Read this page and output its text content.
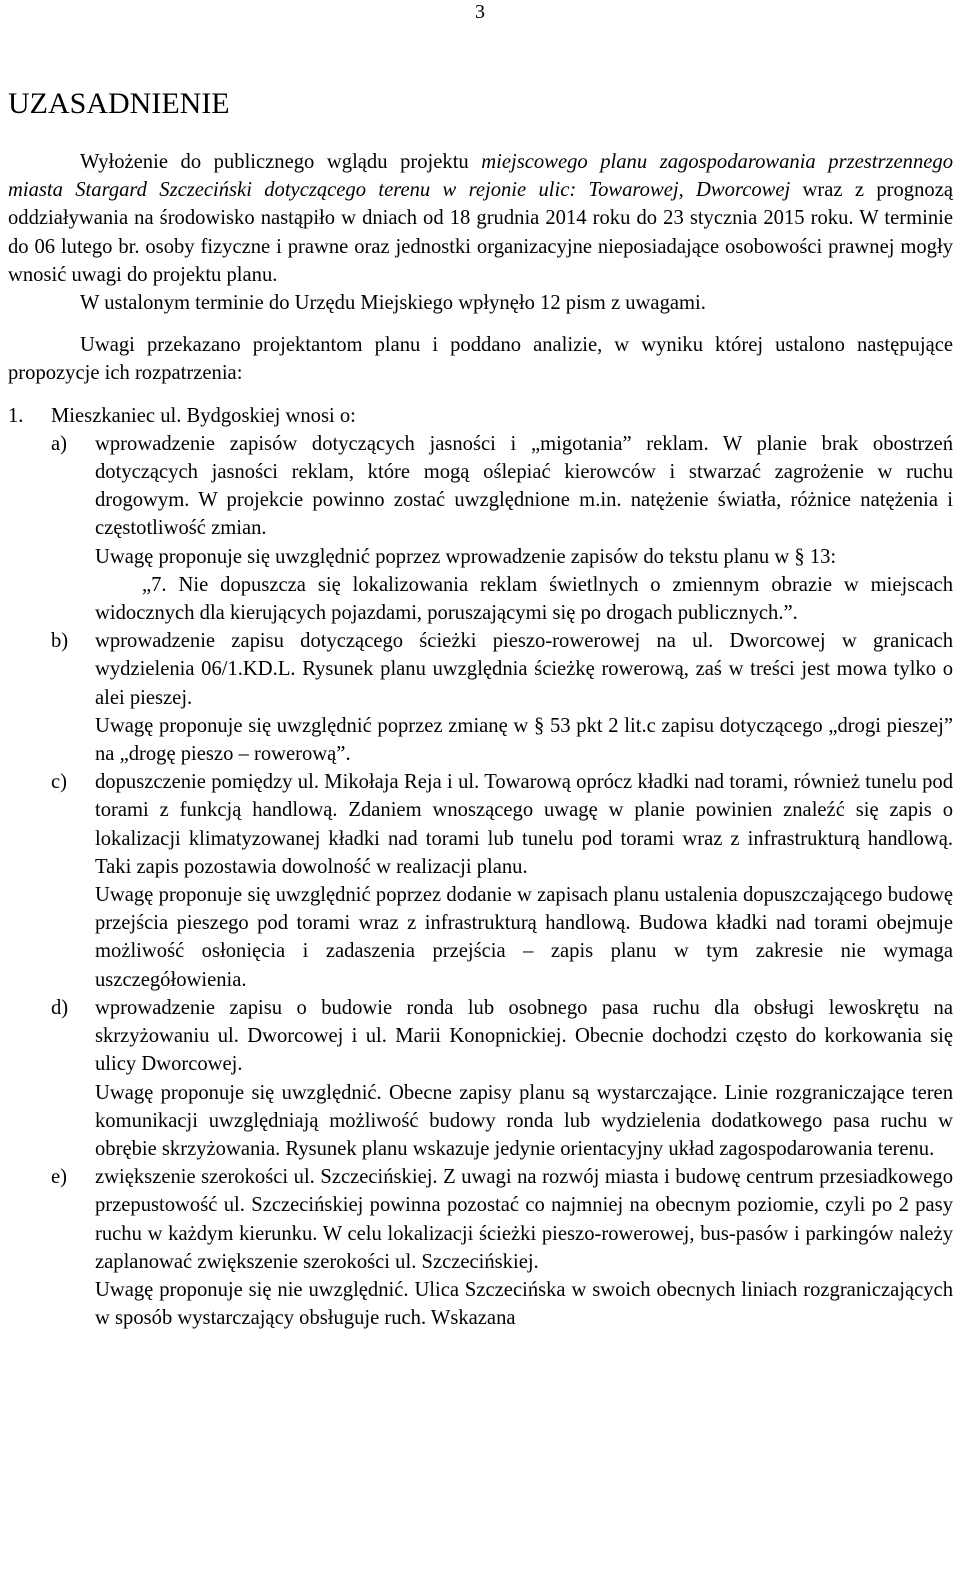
3
UZASADNIENIE

Wyłożenie do publicznego wglądu projektu miejscowego planu zagospodarowania przestrzennego miasta Stargard Szczeciński dotyczącego terenu w rejonie ulic: Towarowej, Dworcowej wraz z prognozą oddziaływania na środowisko nastąpiło w dniach od 18 grudnia 2014 roku do 23 stycznia 2015 roku. W terminie do 06 lutego br. osoby fizyczne i prawne oraz jednostki organizacyjne nieposiadające osobowości prawnej mogły wnosić uwagi do projektu planu.

W ustalonym terminie do Urzędu Miejskiego wpłynęło 12 pism z uwagami.

Uwagi przekazano projektantom planu i poddano analizie, w wyniku której ustalono następujące propozycje ich rozpatrzenia:

1. Mieszkaniec ul. Bydgoskiej wnosi o:
a) wprowadzenie zapisów dotyczących jasności i „migotania” reklam. W planie brak obostrzeń dotyczących jasności reklam, które mogą oślepiać kierowców i stwarzać zagrożenie w ruchu drogowym. W projekcie powinno zostać uwzględnione m.in. natężenie światła, różnice natężenia i częstotliwość zmian.

Uwagę proponuje się uwzględnić poprzez wprowadzenie zapisów do tekstu planu w § 13:

„7. Nie dopuszcza się lokalizowania reklam świetlnych o zmiennym obrazie w miejscach widocznych dla kierujących pojazdami, poruszającymi się po drogach publicznych.”.

b) wprowadzenie zapisu dotyczącego ścieżki pieszo-rowerowej na ul. Dworcowej w granicach wydzielenia 06/1.KD.L. Rysunek planu uwzględnia ścieżkę rowerową, zaś w treści jest mowa tylko o alei pieszej.

Uwagę proponuje się uwzględnić poprzez zmianę w § 53 pkt 2 lit.c zapisu dotyczącego „drogi pieszej” na „drogę pieszo – rowerową”.

c) dopuszczenie pomiędzy ul. Mikołaja Reja i ul. Towarową oprócz kładki nad torami, również tunelu pod torami z funkcją handlową. Zdaniem wnoszącego uwagę w planie powinien znaleźć się zapis o lokalizacji klimatyzowanej kładki nad torami lub tunelu pod torami wraz z infrastrukturą handlową. Taki zapis pozostawia dowolność w realizacji planu.

Uwagę proponuje się uwzględnić poprzez dodanie w zapisach planu ustalenia dopuszczającego budowę przejścia pieszego pod torami wraz z infrastrukturą handlową. Budowa kładki nad torami obejmuje możliwość osłonięcia i zadaszenia przejścia – zapis planu w tym zakresie nie wymaga uszczegółowienia.

d) wprowadzenie zapisu o budowie ronda lub osobnego pasa ruchu dla obsługi lewoskrętu na skrzyżowaniu ul. Dworcowej i ul. Marii Konopnickiej. Obecnie dochodzi często do korkowania się ulicy Dworcowej.

Uwagę proponuje się uwzględnić. Obecne zapisy planu są wystarczające. Linie rozgraniczające teren komunikacji uwzględniają możliwość budowy ronda lub wydzielenia dodatkowego pasa ruchu w obrębie skrzyżowania. Rysunek planu wskazuje jedynie orientacyjny układ zagospodarowania terenu.

e) zwiększenie szerokości ul. Szczecińskiej. Z uwagi na rozwój miasta i budowę centrum przesiadkowego przepustowość ul. Szczecińskiej powinna pozostać co najmniej na obecnym poziomie, czyli po 2 pasy ruchu w każdym kierunku. W celu lokalizacji ścieżki pieszo-rowerowej, bus-pasów i parkingów należy zaplanować zwiększenie szerokości ul. Szczecińskiej.

Uwagę proponuje się nie uwzględnić. Ulica Szczecińska w swoich obecnych liniach rozgraniczających w sposób wystarczający obsługuje ruch. Wskazana
